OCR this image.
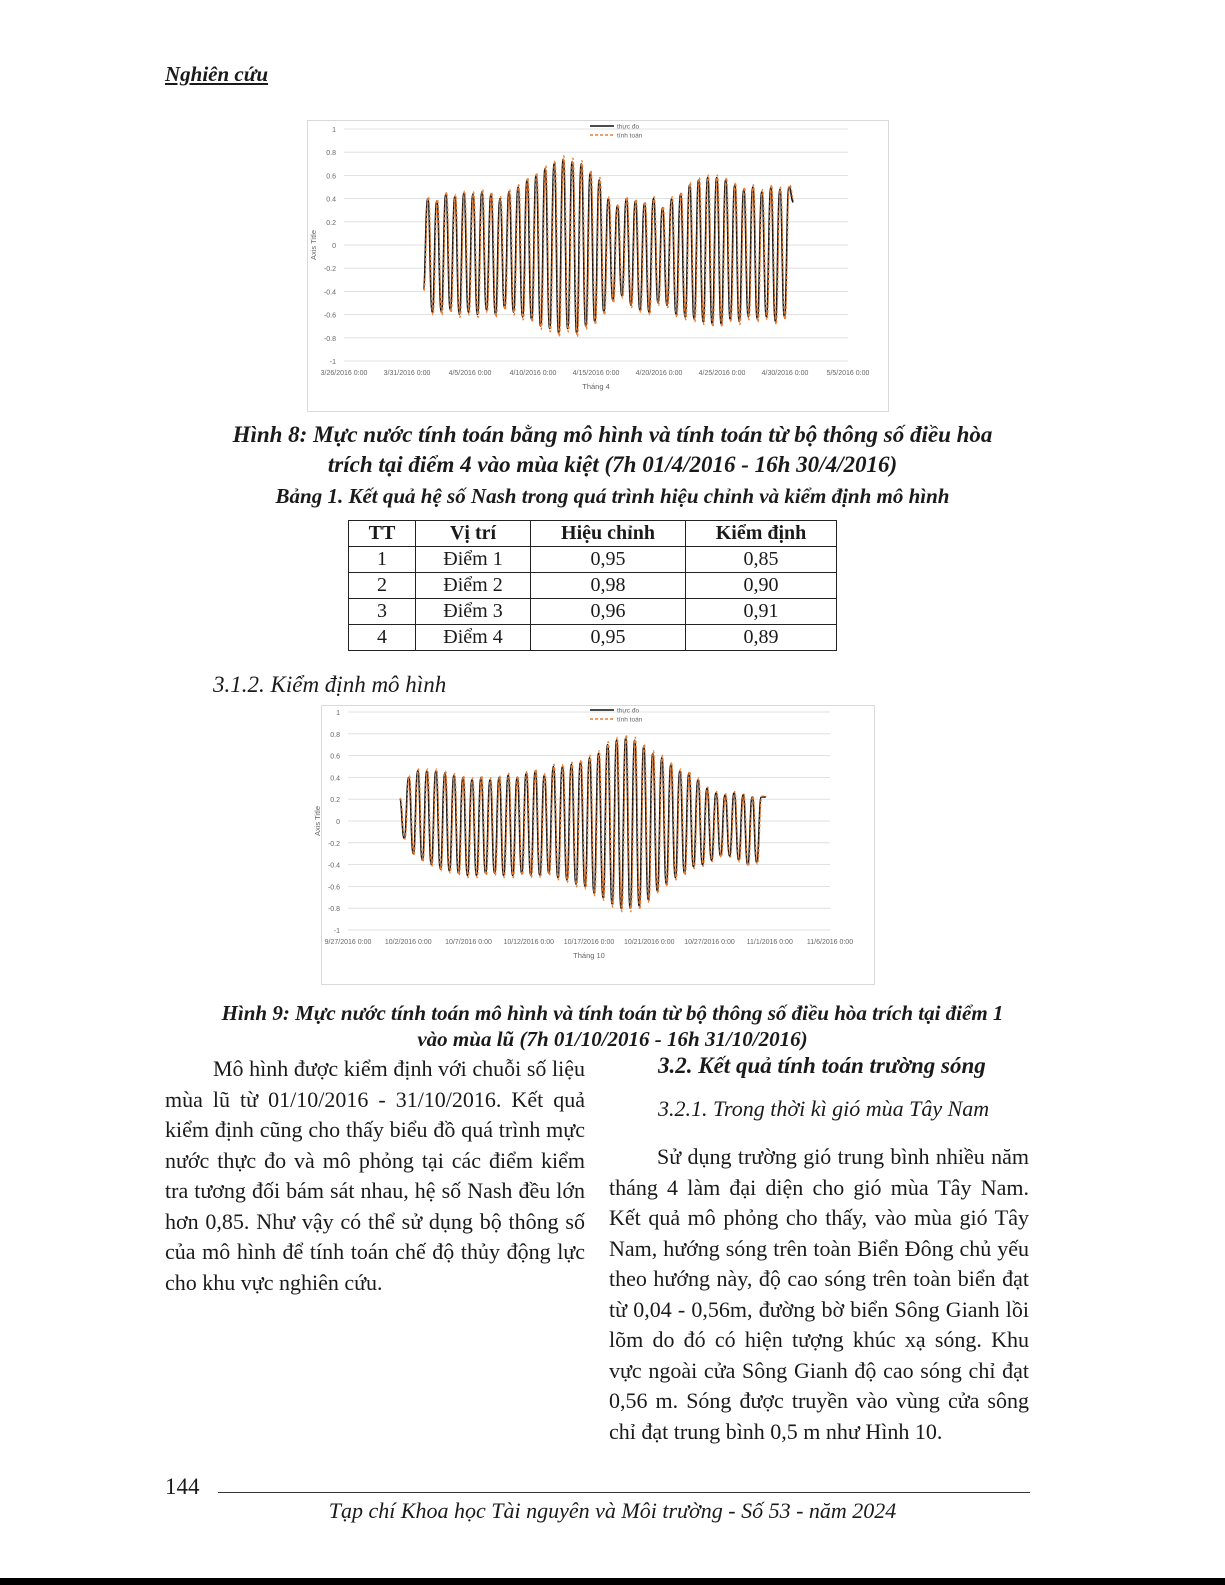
Nghiên cứu
1
0.8
0.6
0.4
0.2
0
-0.2
-0.4
-0.6
-0.8
-1
3/26/2016 0:00 3/31/2016 0:00	4/5/2016 0:00	4/10/2016 0:00 4/15/2016 0:00 4/20/2016 0:00 4/25/2016 0:00 4/30/2016 0:00	5/5/2016 0:00
Tháng 4
Axis Title
thực đo
tính toán
Hình 8: Mực nước tính toán bằng mô hình và tính toán từ bộ thông số điều hòa
trích tại điểm 4 vào mùa kiệt (7h 01/4/2016 - 16h 30/4/2016)
Bảng 1. Kết quả hệ số Nash trong quá trình hiệu chỉnh và kiểm định mô hình
TT	Vị trí	Hiệu chỉnh	Kiểm định
1	Điểm 1	0,95	0,85
2	Điểm 2	0,98	0,90
3	Điểm 3	0,96	0,91
4	Điểm 4	0,95	0,89
3.1.2. Kiểm định mô hình
1
0.8
0.6
0.4
0.2
0
-0.2
-0.4
-0.6
-0.8
-1
9/27/2016 0:00 10/2/2016 0:00 10/7/2016 0:00 10/12/2016 0:00 10/17/2016 0:00 10/21/2016 0:00 10/27/2016 0:00 11/1/2016 0:00 11/6/2016 0:00
Tháng 10
Axis Title
thực đo
tính toán
Hình 9: Mực nước tính toán mô hình và tính toán từ bộ thông số điều hòa trích tại điểm 1
vào mùa lũ (7h 01/10/2016 - 16h 31/10/2016)

Mô hình được kiểm định với chuỗi số liệu mùa lũ từ 01/10/2016 - 31/10/2016. Kết quả kiểm định cũng cho thấy biểu đồ quá trình mực nước thực đo và mô phỏng tại các điểm kiểm tra tương đối bám sát nhau, hệ số Nash đều lớn hơn 0,85. Như vậy có thể sử dụng bộ thông số của mô hình để tính toán chế độ thủy động lực cho khu vực nghiên cứu.

3.2. Kết quả tính toán trường sóng
3.2.1. Trong thời kì gió mùa Tây Nam

Sử dụng trường gió trung bình nhiều năm tháng 4 làm đại diện cho gió mùa Tây Nam. Kết quả mô phỏng cho thấy, vào mùa gió Tây Nam, hướng sóng trên toàn Biển Đông chủ yếu theo hướng này, độ cao sóng trên toàn biển đạt từ 0,04 - 0,56m, đường bờ biển Sông Gianh lồi lõm do đó có hiện tượng khúc xạ sóng. Khu vực ngoài cửa Sông Gianh độ cao sóng chỉ đạt 0,56 m. Sóng được truyền vào vùng cửa sông chỉ đạt trung bình 0,5 m như Hình 10.

144
Tạp chí Khoa học Tài nguyên và Môi trường - Số 53 - năm 2024
